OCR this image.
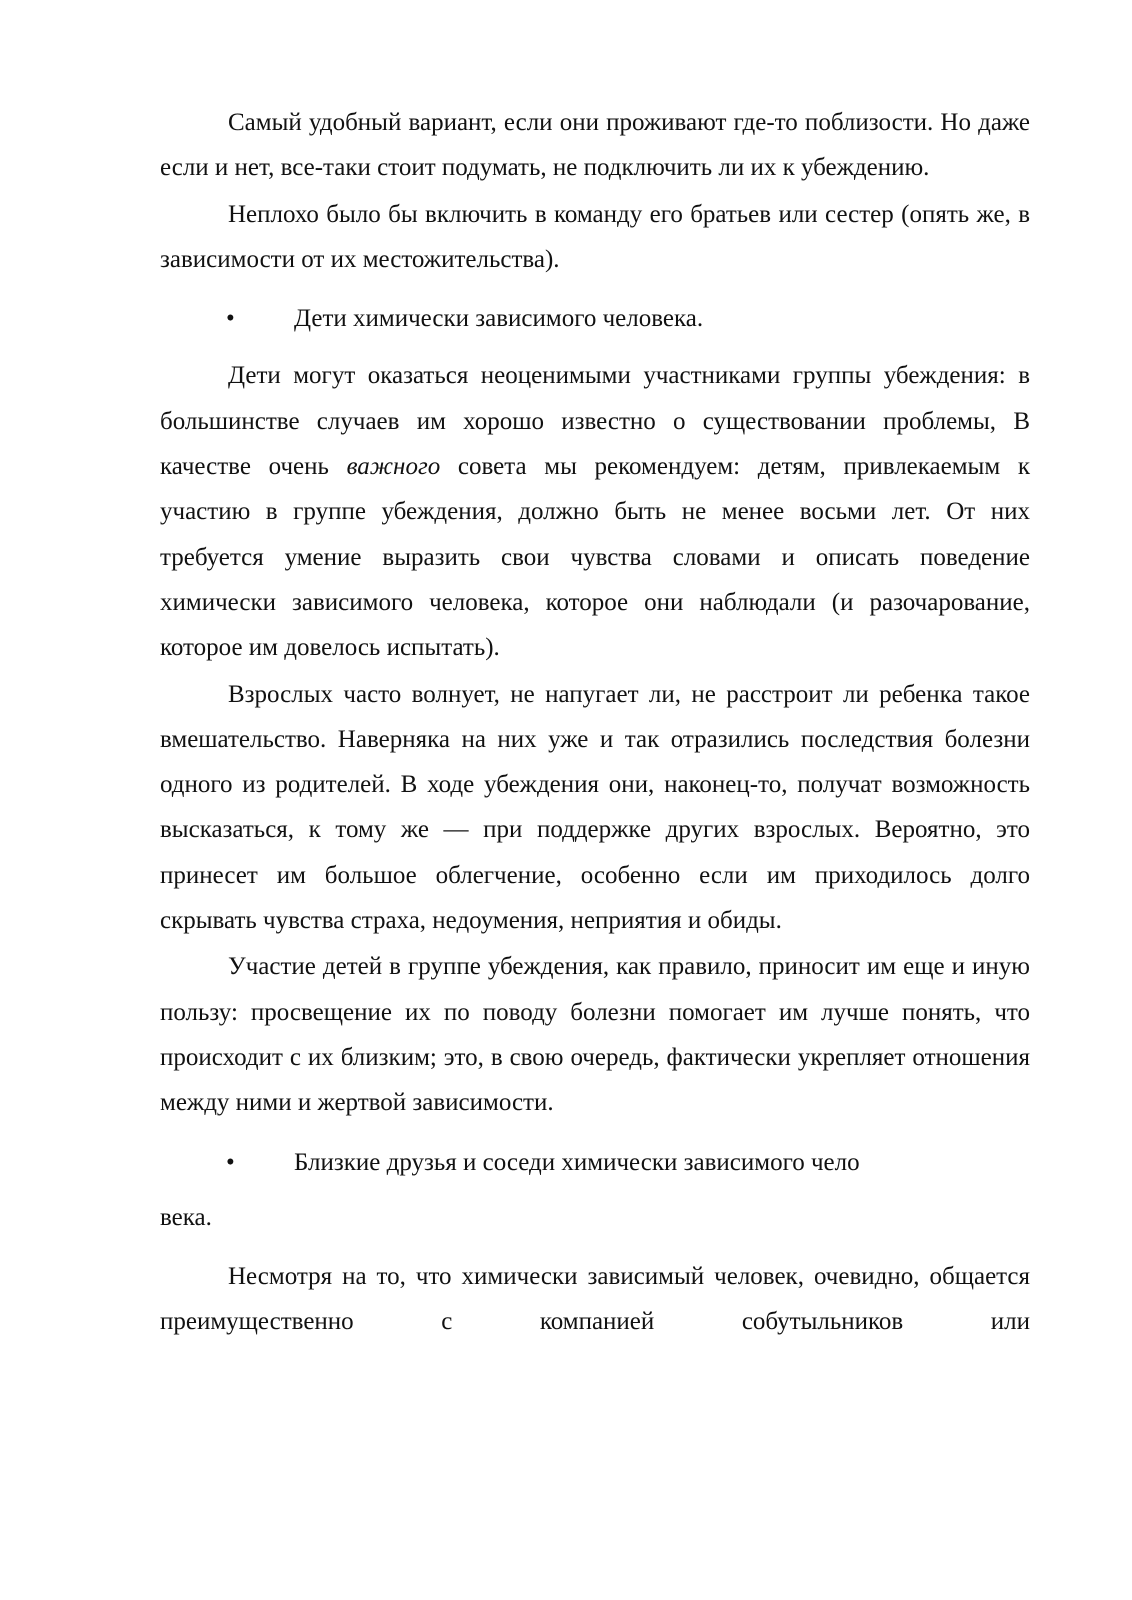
Самый удобный вариант, если они проживают где-то поблизости. Но даже если и нет, все-таки стоит подумать, не подключить ли их к убеждению.

Неплохо было бы включить в команду его братьев или сестер (опять же, в зависимости от их местожительства).

• Дети химически зависимого человека.

Дети могут оказаться неоценимыми участниками группы убеждения: в большинстве случаев им хорошо известно о существовании проблемы, В качестве очень важного совета мы рекомендуем: детям, привлекаемым к участию в группе убеждения, должно быть не менее восьми лет. От них требуется умение выразить свои чувства словами и описать поведение химически зависимого человека, которое они наблюдали (и разочарование, которое им довелось испытать).

Взрослых часто волнует, не напугает ли, не расстроит ли ребенка такое вмешательство. Наверняка на них уже и так отразились последствия болезни одного из родителей. В ходе убеждения они, наконец-то, получат возможность высказаться, к тому же — при поддержке других взрослых. Вероятно, это принесет им большое облегчение, особенно если им приходилось долго скрывать чувства страха, недоумения, неприятия и обиды.

Участие детей в группе убеждения, как правило, приносит им еще и иную пользу: просвещение их по поводу болезни помогает им лучше понять, что происходит с их близким; это, в свою очередь, фактически укрепляет отношения между ними и жертвой зависимости.

• Близкие друзья и соседи химически зависимого чело

века.

Несмотря на то, что химически зависимый человек, очевидно, общается преимущественно с компанией собутыльников или
